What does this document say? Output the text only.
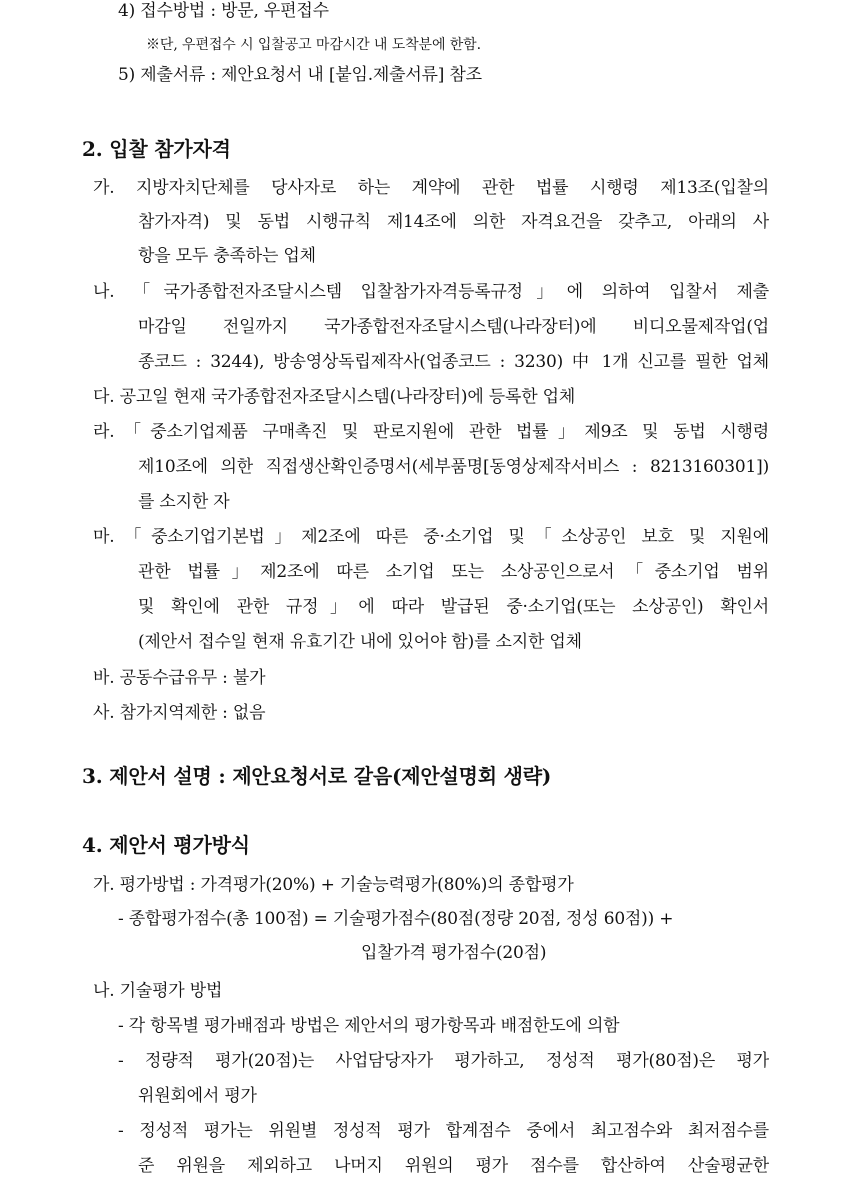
4) 접수방법 : 방문, 우편접수
※단, 우편접수 시 입찰공고 마감시간 내 도착분에 한함.
5) 제출서류 : 제안요청서 내 [붙임.제출서류] 참조
2. 입찰 참가자격
가. 지방자치단체를 당사자로 하는 계약에 관한 법률 시행령 제13조(입찰의
참가자격) 및 동법 시행규칙 제14조에 의한 자격요건을 갖추고, 아래의 사
항을 모두 충족하는 업체
나. 「국가종합전자조달시스템 입찰참가자격등록규정」에 의하여 입찰서 제출
마감일 전일까지 국가종합전자조달시스템(나라장터)에 비디오물제작업(업
종코드 : 3244), 방송영상독립제작사(업종코드 : 3230) 中 1개 신고를 필한 업체
다. 공고일 현재 국가종합전자조달시스템(나라장터)에 등록한 업체
라.「중소기업제품 구매촉진 및 판로지원에 관한 법률」제9조 및 동법 시행령
제10조에 의한 직접생산확인증명서(세부품명[동영상제작서비스 : 8213160301])
를 소지한 자
마.「중소기업기본법」제2조에 따른 중·소기업 및「소상공인 보호 및 지원에
관한 법률」제2조에 따른 소기업 또는 소상공인으로서「중소기업 범위
및 확인에 관한 규정」에 따라 발급된 중·소기업(또는 소상공인) 확인서
(제안서 접수일 현재 유효기간 내에 있어야 함)를 소지한 업체
바. 공동수급유무 : 불가
사. 참가지역제한 : 없음
3. 제안서 설명 : 제안요청서로 갈음(제안설명회 생략)
4. 제안서 평가방식
가. 평가방법 : 가격평가(20%) + 기술능력평가(80%)의 종합평가
- 종합평가점수(총 100점) = 기술평가점수(80점(정량 20점, 정성 60점)) +
입찰가격 평가점수(20점)
나. 기술평가 방법
- 각 항목별 평가배점과 방법은 제안서의 평가항목과 배점한도에 의함
- 정량적 평가(20점)는 사업담당자가 평가하고, 정성적 평가(80점)은 평가
위원회에서 평가
- 정성적 평가는 위원별 정성적 평가 합계점수 중에서 최고점수와 최저점수를
준 위원을 제외하고 나머지 위원의 평가 점수를 합산하여 산술평균한
